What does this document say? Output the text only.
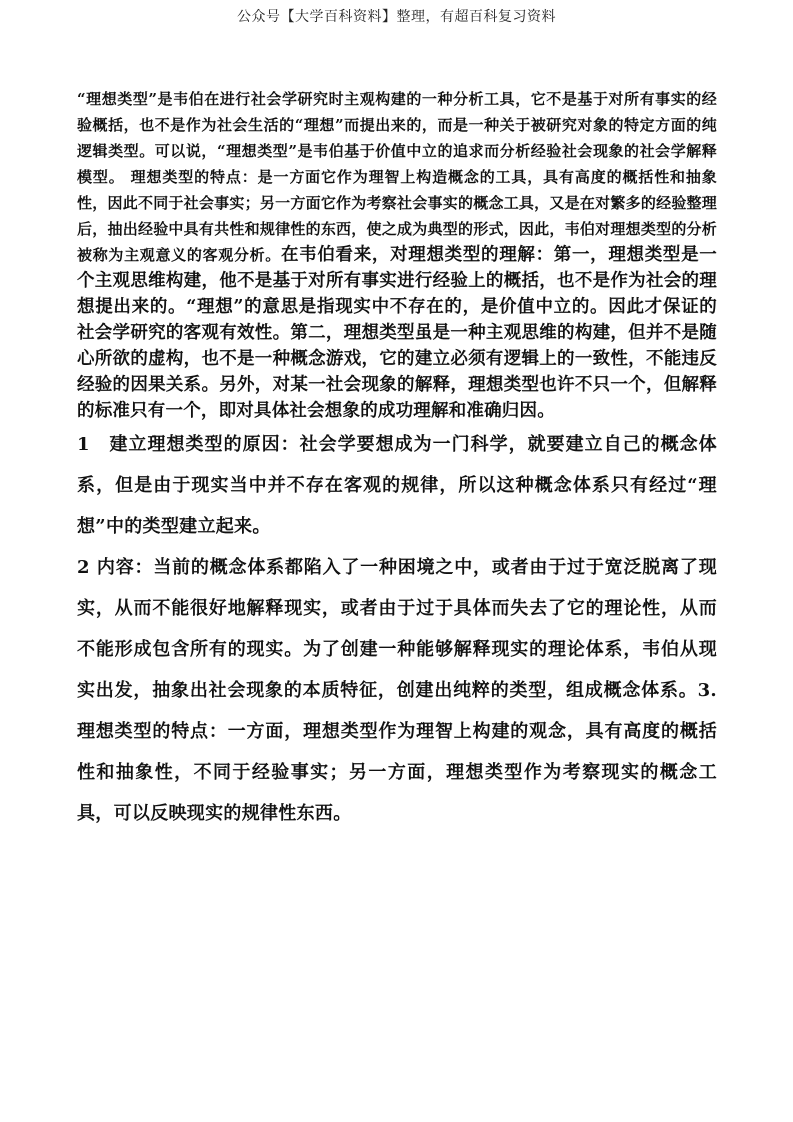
公众号【大学百科资料】整理，有超百科复习资料

“理想类型”是韦伯在进行社会学研究时主观构建的一种分析工具，它不是基于对所有事实的经验概括，也不是作为社会生活的“理想”而提出来的，而是一种关于被研究对象的特定方面的纯逻辑类型。可以说，“理想类型”是韦伯基于价值中立的追求而分析经验社会现象的社会学解释模型。 理想类型的特点：是一方面它作为理智上构造概念的工具，具有高度的概括性和抽象性，因此不同于社会事实；另一方面它作为考察社会事实的概念工具，又是在对繁多的经验整理后，抽出经验中具有共性和规律性的东西，使之成为典型的形式，因此，韦伯对理想类型的分析被称为主观意义的客观分析。在韦伯看来，对理想类型的理解：第一，理想类型是一个主观思维构建，他不是基于对所有事实进行经验上的概括，也不是作为社会的理想提出来的。“理想”的意思是指现实中不存在的，是价值中立的。因此才保证的社会学研究的客观有效性。第二，理想类型虽是一种主观思维的构建，但并不是随心所欲的虚构，也不是一种概念游戏，它的建立必须有逻辑上的一致性，不能违反经验的因果关系。另外，对某一社会现象的解释，理想类型也许不只一个，但解释的标准只有一个，即对具体社会想象的成功理解和准确归因。

1　建立理想类型的原因：社会学要想成为一门科学，就要建立自己的概念体系，但是由于现实当中并不存在客观的规律，所以这种概念体系只有经过“理想”中的类型建立起来。

2 内容：当前的概念体系都陷入了一种困境之中，或者由于过于宽泛脱离了现实，从而不能很好地解释现实，或者由于过于具体而失去了它的理论性，从而不能形成包含所有的现实。为了创建一种能够解释现实的理论体系，韦伯从现实出发，抽象出社会现象的本质特征，创建出纯粹的类型，组成概念体系。3.　理想类型的特点：一方面，理想类型作为理智上构建的观念，具有高度的概括性和抽象性，不同于经验事实；另一方面，理想类型作为考察现实的概念工具，可以反映现实的规律性东西。
